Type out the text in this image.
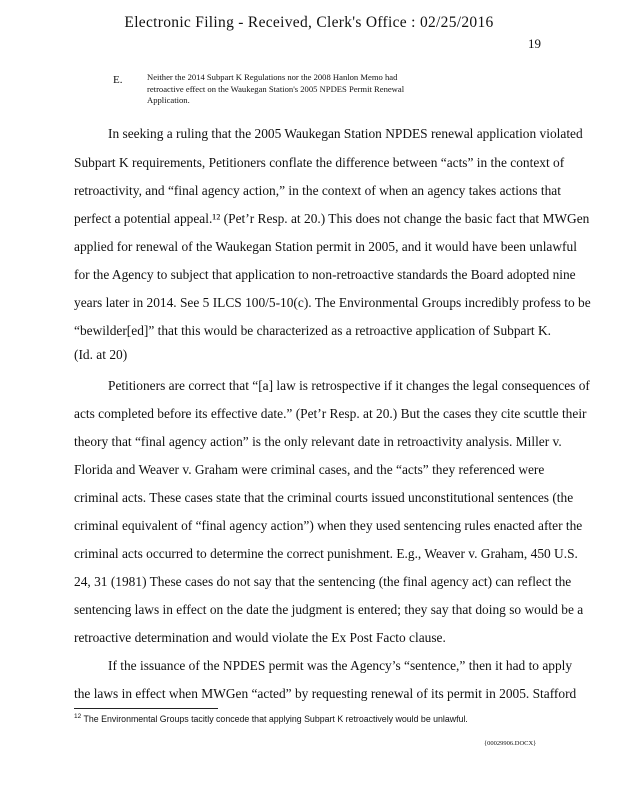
Electronic Filing - Received, Clerk's Office : 02/25/2016
19
E.	Neither the 2014 Subpart K Regulations nor the 2008 Hanlon Memo had
retroactive effect on the Waukegan Station's 2005 NPDES Permit Renewal
Application.
In seeking a ruling that the 2005 Waukegan Station NPDES renewal application violated
Subpart K requirements, Petitioners conflate the difference between “acts” in the context of
retroactivity, and “final agency action,” in the context of when an agency takes actions that
perfect a potential appeal.¹² (Pet’r Resp. at 20.) This does not change the basic fact that MWGen
applied for renewal of the Waukegan Station permit in 2005, and it would have been unlawful
for the Agency to subject that application to non-retroactive standards the Board adopted nine
years later in 2014. See 5 ILCS 100/5-10(c). The Environmental Groups incredibly profess to be
“bewilder[ed]” that this would be characterized as a retroactive application of Subpart K.
(Id. at 20)
Petitioners are correct that “[a] law is retrospective if it changes the legal consequences of
acts completed before its effective date.” (Pet’r Resp. at 20.) But the cases they cite scuttle their
theory that “final agency action” is the only relevant date in retroactivity analysis. Miller v.
Florida and Weaver v. Graham were criminal cases, and the “acts” they referenced were
criminal acts. These cases state that the criminal courts issued unconstitutional sentences (the
criminal equivalent of “final agency action”) when they used sentencing rules enacted after the
criminal acts occurred to determine the correct punishment. E.g., Weaver v. Graham, 450 U.S.
24, 31 (1981) These cases do not say that the sentencing (the final agency act) can reflect the
sentencing laws in effect on the date the judgment is entered; they say that doing so would be a
retroactive determination and would violate the Ex Post Facto clause.
If the issuance of the NPDES permit was the Agency’s “sentence,” then it had to apply
the laws in effect when MWGen “acted” by requesting renewal of its permit in 2005. Stafford
$^{12}$ The Environmental Groups tacitly concede that applying Subpart K retroactively would be unlawful.
{00029906.DOCX}
